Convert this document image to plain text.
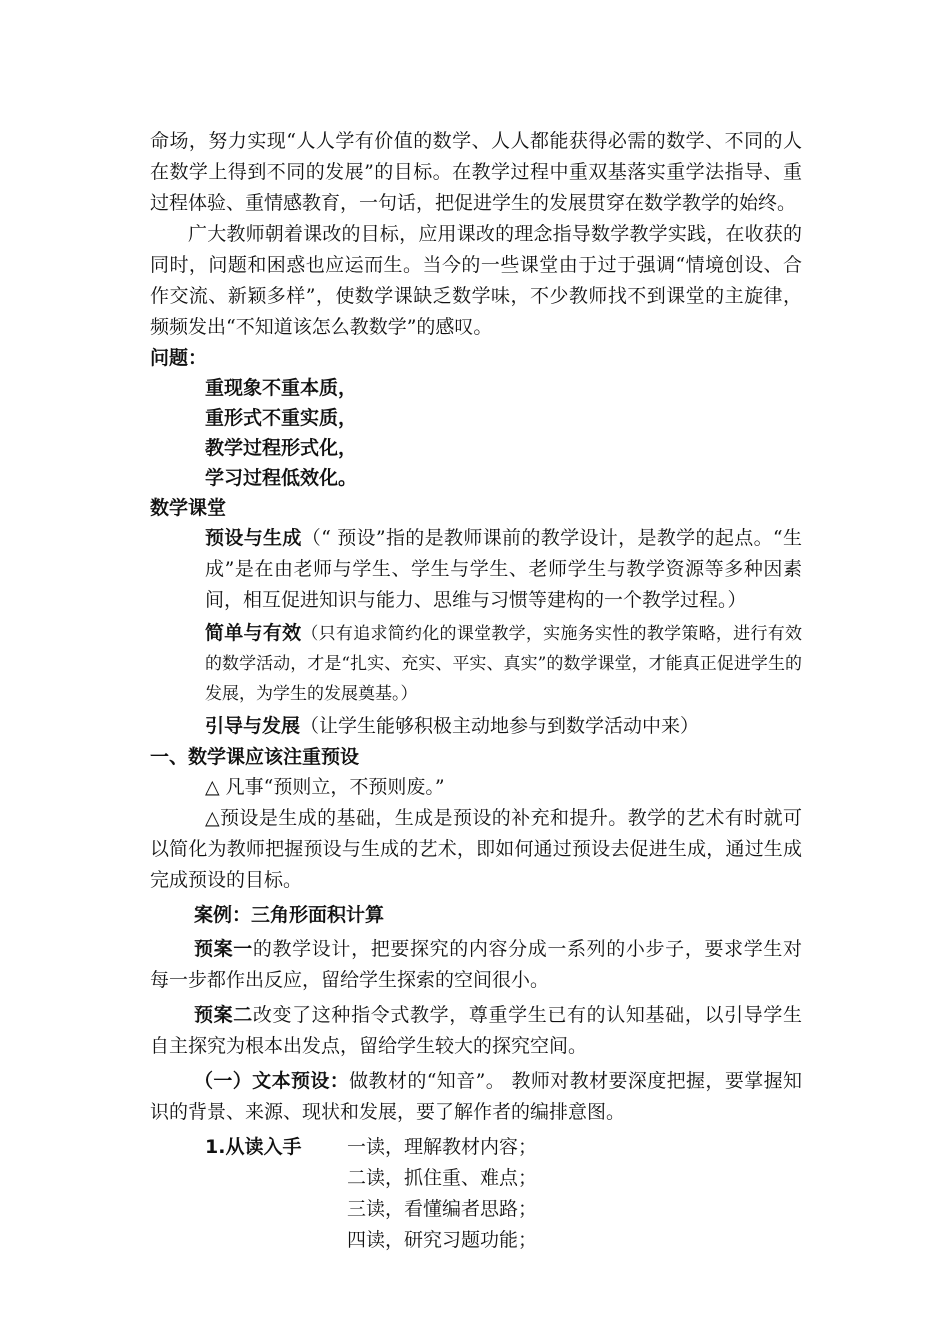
命场，努力实现“人人学有价值的数学、人人都能获得必需的数学、不同的人在数学上得到不同的发展”的目标。在教学过程中重双基落实重学法指导、重过程体验、重情感教育，一句话，把促进学生的发展贯穿在数学教学的始终。

广大教师朝着课改的目标，应用课改的理念指导数学教学实践，在收获的同时，问题和困惑也应运而生。当今的一些课堂由于过于强调“情境创设、合作交流、新颖多样”，使数学课缺乏数学味，不少教师找不到课堂的主旋律，频频发出“不知道该怎么教数学”的感叹。

问题：

重现象不重本质，

重形式不重实质，

教学过程形式化，

学习过程低效化。

数学课堂

预设与生成（“ 预设”指的是教师课前的教学设计，是教学的起点。“生成”是在由老师与学生、学生与学生、老师学生与教学资源等多种因素间，相互促进知识与能力、思维与习惯等建构的一个教学过程。）

简单与有效（只有追求简约化的课堂教学，实施务实性的教学策略，进行有效的数学活动，才是“扎实、充实、平实、真实”的数学课堂，才能真正促进学生的发展，为学生的发展奠基。）

引导与发展（让学生能够积极主动地参与到数学活动中来）

一、数学课应该注重预设

△ 凡事“预则立，不预则废。”

△预设是生成的基础，生成是预设的补充和提升。教学的艺术有时就可以简化为教师把握预设与生成的艺术，即如何通过预设去促进生成，通过生成完成预设的目标。

案例：三角形面积计算

预案一的教学设计，把要探究的内容分成一系列的小步子，要求学生对每一步都作出反应，留给学生探索的空间很小。

预案二改变了这种指令式教学，尊重学生已有的认知基础，以引导学生自主探究为根本出发点，留给学生较大的探究空间。

（一）文本预设：做教材的“知音”。 教师对教材要深度把握，要掌握知识的背景、来源、现状和发展，要了解作者的编排意图。

1.从读入手	一读，理解教材内容；
二读，抓住重、难点；
三读，看懂编者思路；
四读，研究习题功能；
